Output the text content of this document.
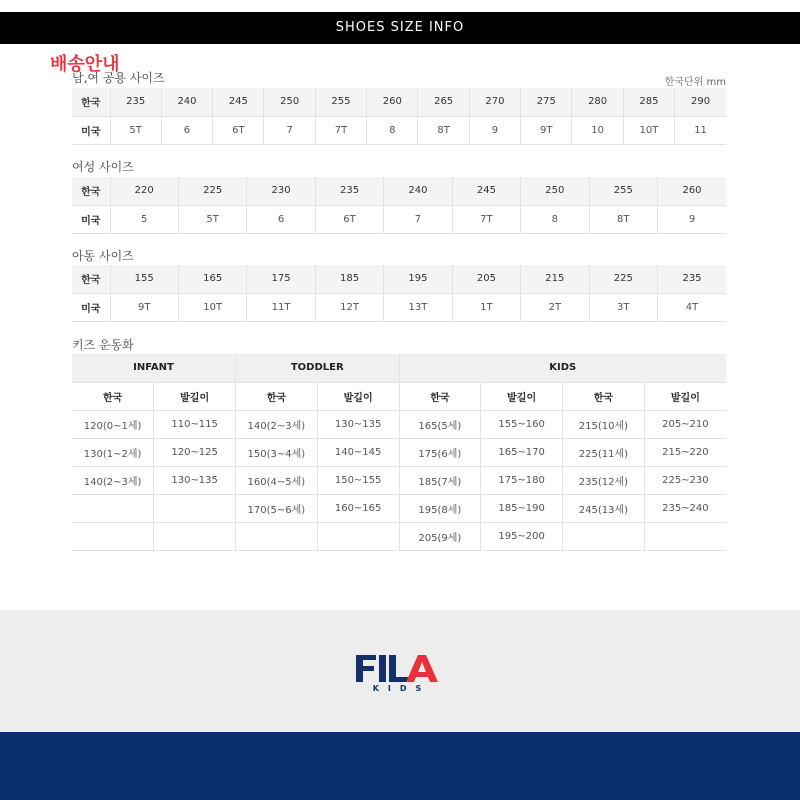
SHOES SIZE INFO
남,여 공용 사이즈	한국단위 mm
한국	235	240	245	250	255	260	265	270	275	280	285	290
미국	5T	6	6T	7	7T	8	8T	9	9T	10	10T	11
여성 사이즈
한국	220	225	230	235	240	245	250	255	260
미국	5	5T	6	6T	7	7T	8	8T	9
아동 사이즈
한국	155	165	175	185	195	205	215	225	235
미국	9T	10T	11T	12T	13T	1T	2T	3T	4T
키즈 운동화
INFANT		TODDLER		KIDS			
한국	발길이	한국	발길이	한국	발길이	한국	발길이
120(0~1세)	110~115	140(2~3세)	130~135	165(5세)	155~160	215(10세)	205~210
130(1~2세)	120~125	150(3~4세)	140~145	175(6세)	165~170	225(11세)	215~220
140(2~3세)	130~135	160(4~5세)	150~155	185(7세)	175~180	235(12세)	225~230
		170(5~6세)	160~165	195(8세)	185~190	245(13세)	235~240
				205(9세)	195~200		
KIDS
배송안내
